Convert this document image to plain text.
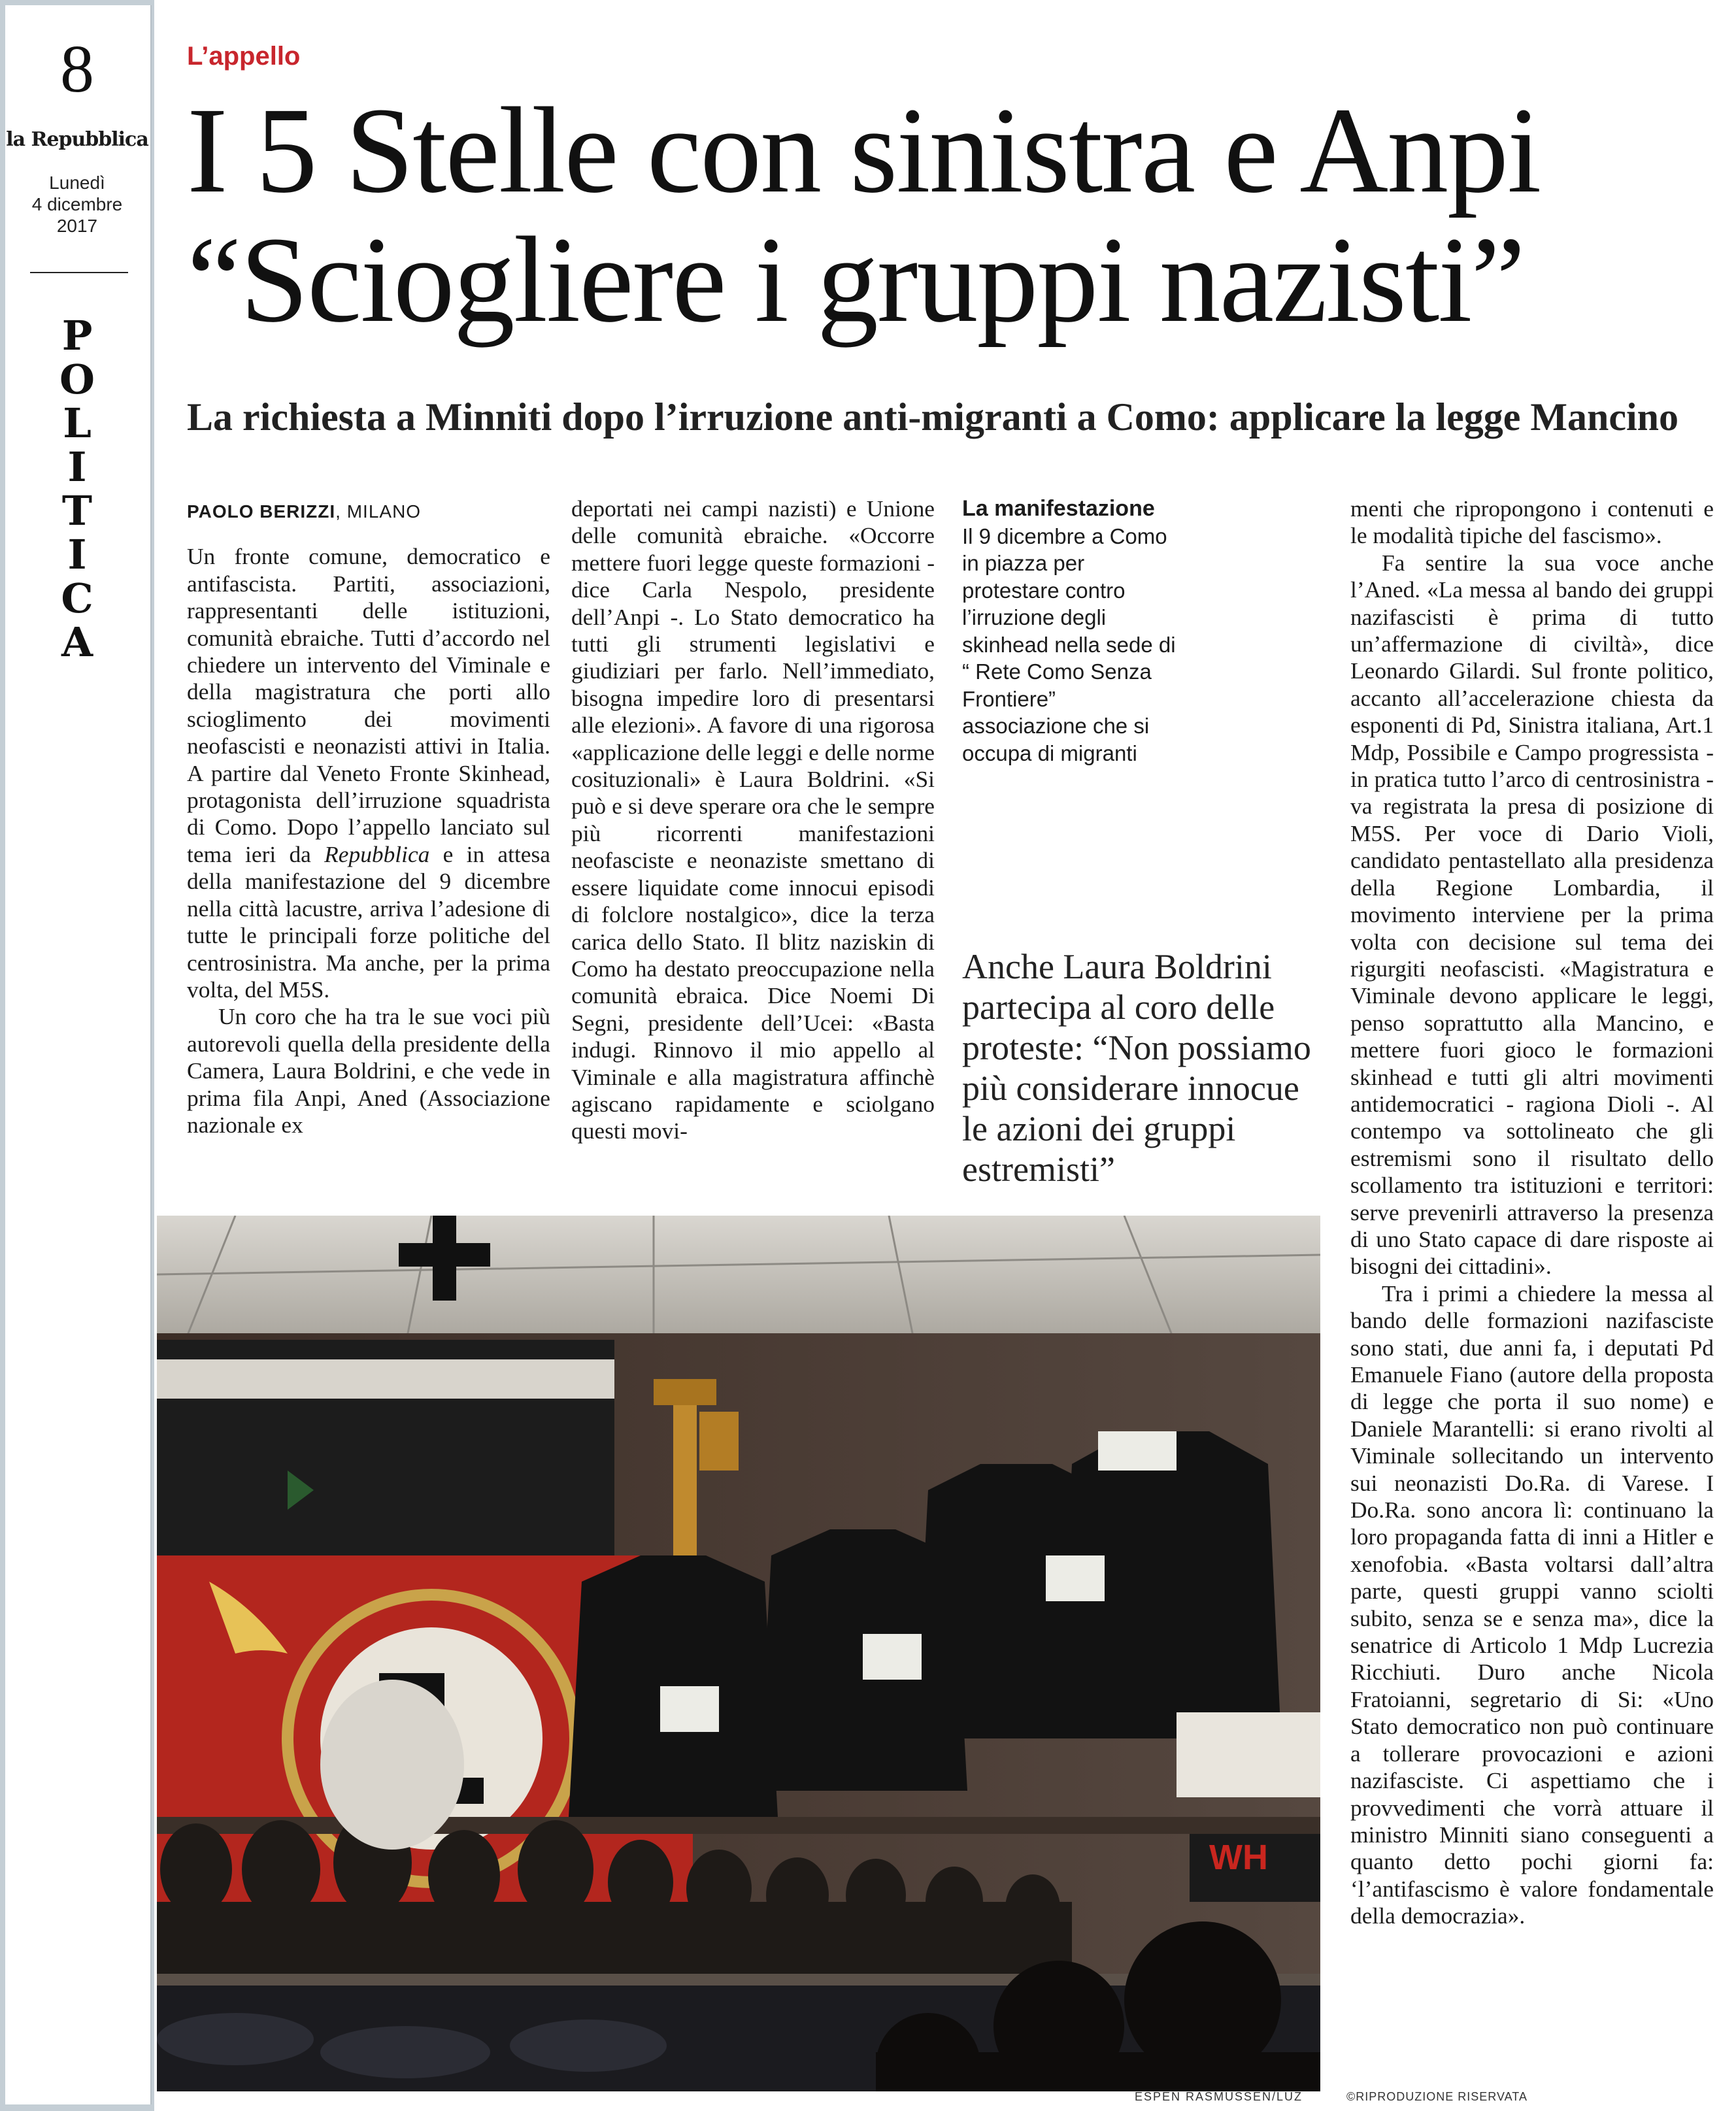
8
la Repubblica
Lunedì
4 dicembre
2017
P
O
L
I
T
I
C
A
L’appello
I 5 Stelle con sinistra e Anpi
“Sciogliere i gruppi nazisti”
La richiesta a Minniti dopo l’irruzione anti-migranti a Como: applicare la legge Mancino
PAOLO BERIZZI, MILANO

Un fronte comune, democratico e antifascista. Partiti, associazioni, rappresentanti delle istituzioni, comunità ebraiche. Tutti d’accordo nel chiedere un intervento del Viminale e della magistratura che porti allo scioglimento dei movimenti neofascisti e neonazisti attivi in Italia. A partire dal Veneto Fronte Skinhead, protagonista dell’irruzione squadrista di Como. Dopo l’appello lanciato sul tema ieri da Repubblica e in attesa della manifestazione del 9 dicembre nella città lacustre, arriva l’adesione di tutte le principali forze politiche del centrosinistra. Ma anche, per la prima volta, del M5S.

Un coro che ha tra le sue voci più autorevoli quella della presidente della Camera, Laura Boldrini, e che vede in prima fila Anpi, Aned (Associazione nazionale ex

deportati nei campi nazisti) e Unione delle comunità ebraiche. «Occorre mettere fuori legge queste formazioni - dice Carla Nespolo, presidente dell’Anpi -. Lo Stato democratico ha tutti gli strumenti legislativi e giudiziari per farlo. Nell’immediato, bisogna impedire loro di presentarsi alle elezioni». A favore di una rigorosa «applicazione delle leggi e delle norme cosituzionali» è Laura Boldrini. «Si può e si deve sperare ora che le sempre più ricorrenti manifestazioni neofasciste e neonaziste smettano di essere liquidate come innocui episodi di folclore nostalgico», dice la terza carica dello Stato. Il blitz naziskin di Como ha destato preoccupazione nella comunità ebraica. Dice Noemi Di Segni, presidente dell’Ucei: «Basta indugi. Rinnovo il mio appello al Viminale e alla magistratura affinchè agiscano rapidamente e sciolgano questi movi-

La manifestazione
Il 9 dicembre a Como in piazza per protestare contro l’irruzione degli skinhead nella sede di “ Rete Como Senza Frontiere” associazione che si occupa di migranti
Anche Laura Boldrini partecipa al coro delle proteste: “Non possiamo più considerare innocue le azioni dei gruppi estremisti”

menti che ripropongono i contenuti e le modalità tipiche del fascismo».

Fa sentire la sua voce anche l’Aned. «La messa al bando dei gruppi nazifascisti è prima di tutto un’affermazione di civiltà», dice Leonardo Gilardi. Sul fronte politico, accanto all’accelerazione chiesta da esponenti di Pd, Sinistra italiana, Art.1 Mdp, Possibile e Campo progressista - in pratica tutto l’arco di centrosinistra - va registrata la presa di posizione di M5S. Per voce di Dario Violi, candidato pentastellato alla presidenza della Regione Lombardia, il movimento interviene per la prima volta con decisione sul tema dei rigurgiti neofascisti. «Magistratura e Viminale devono applicare le leggi, penso soprattutto alla Mancino, e mettere fuori gioco le formazioni skinhead e tutti gli altri movimenti antidemocratici - ragiona Dioli -. Al contempo va sottolineato che gli estremismi sono il risultato dello scollamento tra istituzioni e territori: serve prevenirli attraverso la presenza di uno Stato capace di dare risposte ai bisogni dei cittadini».

Tra i primi a chiedere la messa al bando delle formazioni nazifasciste sono stati, due anni fa, i deputati Pd Emanuele Fiano (autore della proposta di legge che porta il suo nome) e Daniele Marantelli: si erano rivolti al Viminale sollecitando un intervento sui neonazisti Do.Ra. di Varese. I Do.Ra. sono ancora lì: continuano la loro propaganda fatta di inni a Hitler e xenofobia. «Basta voltarsi dall’altra parte, questi gruppi vanno sciolti subito, senza se e senza ma», dice la senatrice di Articolo 1 Mdp Lucrezia Ricchiuti. Duro anche Nicola Fratoianni, segretario di Si: «Uno Stato democratico non può continuare a tollerare provocazioni e azioni nazifasciste. Ci aspettiamo che i provvedimenti che vorrà attuare il ministro Minniti siano conseguenti a quanto detto pochi giorni fa: ‘l’antifascismo è valore fondamentale della democrazia».

WH
ESPEN RASMUSSEN/LUZ	©RIPRODUZIONE RISERVATA
